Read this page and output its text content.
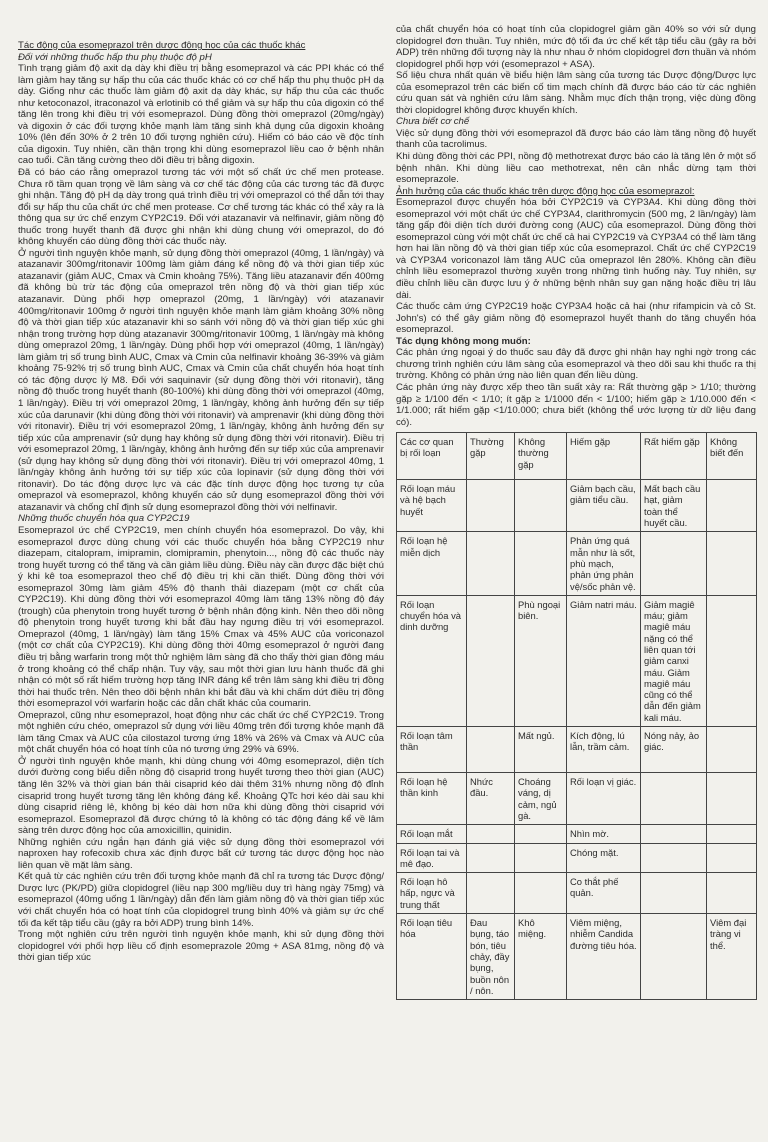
Tác động của esomeprazol trên dược động học của các thuốc khác

Đối với những thuốc hấp thu phụ thuộc độ pH

Tình trạng giảm độ axit dạ dày khi điều trị bằng esomeprazol và các PPI khác có thể làm giảm hay tăng sự hấp thu của các thuốc khác có cơ chế hấp thu phụ thuộc pH dạ dày. Giống như các thuốc làm giảm độ axit dạ dày khác, sự hấp thu của các thuốc như ketoconazol, itraconazol và erlotinib có thể giảm và sự hấp thu của digoxin có thể tăng lên trong khi điều trị với esomeprazol. Dùng đồng thời omeprazol (20mg/ngày) và digoxin ở các đối tượng khỏe mạnh làm tăng sinh khả dụng của digoxin khoảng 10% (lên đến 30% ở 2 trên 10 đối tượng nghiên cứu). Hiếm có báo cáo về độc tính của digoxin. Tuy nhiên, cần thận trọng khi dùng esomeprazol liều cao ở bệnh nhân cao tuổi. Cần tăng cường theo dõi điều trị bằng digoxin.

Đã có báo cáo rằng omeprazol tương tác với một số chất ức chế men protease. Chưa rõ tầm quan trọng về lâm sàng và cơ chế tác động của các tương tác đã được ghi nhận. Tăng độ pH dạ dày trong quá trình điều trị với omeprazol có thể dẫn tới thay đổi sự hấp thu của chất ức chế men protease. Cơ chế tương tác khác có thể xảy ra là thông qua sự ức chế enzym CYP2C19. Đối với atazanavir và nelfinavir, giảm nồng độ thuốc trong huyết thanh đã được ghi nhận khi dùng chung với omeprazol, do đó không khuyến cáo dùng đồng thời các thuốc này.

Ở người tình nguyện khỏe mạnh, sử dụng đồng thời omeprazol (40mg, 1 lần/ngày) và atazanavir 300mg/ritonavir 100mg làm giảm đáng kể nồng độ và thời gian tiếp xúc atazanavir (giảm AUC, Cmax và Cmin khoảng 75%). Tăng liều atazanavir đến 400mg đã không bù trừ tác động của omeprazol trên nồng độ và thời gian tiếp xúc atazanavir. Dùng phối hợp omeprazol (20mg, 1 lần/ngày) với atazanavir 400mg/ritonavir 100mg ở người tình nguyện khỏe mạnh làm giảm khoảng 30% nồng độ và thời gian tiếp xúc atazanavir khi so sánh với nồng độ và thời gian tiếp xúc ghi nhận trong trường hợp dùng atazanavir 300mg/ritonavir 100mg, 1 lần/ngày mà không dùng omeprazol 20mg, 1 lần/ngày. Dùng phối hợp với omeprazol (40mg, 1 lần/ngày) làm giảm trị số trung bình AUC, Cmax và Cmin của nelfinavir khoảng 36-39% và giảm khoảng 75-92% trị số trung bình AUC, Cmax và Cmin của chất chuyển hóa hoạt tính có tác động dược lý M8. Đối với saquinavir (sử dụng đồng thời với ritonavir), tăng nồng độ thuốc trong huyết thanh (80-100%) khi dùng đồng thời với omeprazol (40mg, 1 lần/ngày). Điều trị với omeprazol 20mg, 1 lần/ngày, không ảnh hưởng đến sự tiếp xúc của darunavir (khi dùng đồng thời với ritonavir) và amprenavir (khi dùng đồng thời với ritonavir). Điều trị với esomeprazol 20mg, 1 lần/ngày, không ảnh hưởng đến sự tiếp xúc của amprenavir (sử dụng hay không sử dụng đồng thời với ritonavir). Điều trị với esomeprazol 20mg, 1 lần/ngày, không ảnh hưởng đến sự tiếp xúc của amprenavir (sử dụng hay không sử dụng đồng thời với ritonavir). Điều trị với omeprazol 40mg, 1 lần/ngày không ảnh hưởng tới sự tiếp xúc của lopinavir (sử dụng đồng thời với ritonavir). Do tác động dược lực và các đặc tính dược động học tương tự của omeprazol và esomeprazol, không khuyến cáo sử dụng esomeprazol đồng thời với atazanavir và chống chỉ định sử dụng esomeprazol đồng thời với nelfinavir.

Những thuốc chuyển hóa qua CYP2C19

Esomeprazol ức chế CYP2C19, men chính chuyển hóa esomeprazol. Do vậy, khi esomeprazol được dùng chung với các thuốc chuyển hóa bằng CYP2C19 như diazepam, citalopram, imipramin, clomipramin, phenytoin..., nồng độ các thuốc này trong huyết tương có thể tăng và cần giảm liều dùng. Điều này cần được đặc biệt chú ý khi kê toa esomeprazol theo chế độ điều trị khi cần thiết. Dùng đồng thời với esomeprazol 30mg làm giảm 45% độ thanh thải diazepam (một cơ chất của CYP2C19). Khi dùng đồng thời với esomeprazol 40mg làm tăng 13% nồng độ đáy (trough) của phenytoin trong huyết tương ở bệnh nhân động kinh. Nên theo dõi nồng độ phenytoin trong huyết tương khi bắt đầu hay ngưng điều trị với esomeprazol. Omeprazol (40mg, 1 lần/ngày) làm tăng 15% Cmax và 45% AUC của voriconazol (một cơ chất của CYP2C19). Khi dùng đồng thời 40mg esomeprazol ở người đang điều trị bằng warfarin trong một thử nghiệm lâm sàng đã cho thấy thời gian đông máu ở trong khoảng có thể chấp nhận. Tuy vậy, sau một thời gian lưu hành thuốc đã ghi nhận có một số rất hiếm trường hợp tăng INR đáng kể trên lâm sàng khi điều trị đồng thời hai thuốc trên. Nên theo dõi bệnh nhân khi bắt đầu và khi chấm dứt điều trị đồng thời esomeprazol với warfarin hoặc các dẫn chất khác của coumarin.

Omeprazol, cũng như esomeprazol, hoạt động như các chất ức chế CYP2C19. Trong một nghiên cứu chéo, omeprazol sử dụng với liều 40mg trên đối tượng khỏe mạnh đã làm tăng Cmax và AUC của cilostazol tương ứng 18% và 26% và Cmax và AUC của một chất chuyển hóa có hoạt tính của nó tương ứng 29% và 69%.

Ở người tình nguyện khỏe mạnh, khi dùng chung với 40mg esomeprazol, diện tích dưới đường cong biểu diễn nồng độ cisaprid trong huyết tương theo thời gian (AUC) tăng lên 32% và thời gian bán thải cisaprid kéo dài thêm 31% nhưng nồng độ đỉnh cisaprid trong huyết tương tăng lên không đáng kể. Khoảng QTc hơi kéo dài sau khi dùng cisaprid riêng lẻ, không bị kéo dài hơn nữa khi dùng đồng thời cisaprid với esomeprazol. Esomeprazol đã được chứng tỏ là không có tác động đáng kể về lâm sàng trên dược động học của amoxicillin, quinidin.

Những nghiên cứu ngắn hạn đánh giá việc sử dụng đồng thời esomeprazol với naproxen hay rofecoxib chưa xác định được bất cứ tương tác dược động học nào liên quan về mặt lâm sàng.

Kết quả từ các nghiên cứu trên đối tượng khỏe mạnh đã chỉ ra tương tác Dược động/ Dược lực (PK/PD) giữa clopidogrel (liều nạp 300 mg/liều duy trì hàng ngày 75mg) và esomeprazol (40mg uống 1 lần/ngày) dẫn đến làm giảm nồng độ và thời gian tiếp xúc với chất chuyển hóa có hoạt tính của clopidogrel trung bình 40% và giảm sự ức chế tối đa kết tập tiểu cầu (gây ra bởi ADP) trung bình 14%.

Trong một nghiên cứu trên người tình nguyện khỏe mạnh, khi sử dụng đồng thời clopidogrel với phối hợp liều cố định esomeprazole 20mg + ASA 81mg, nồng độ và thời gian tiếp xúc

của chất chuyển hóa có hoạt tính của clopidogrel giảm gần 40% so với sử dụng clopidogrel đơn thuần. Tuy nhiên, mức độ tối đa ức chế kết tập tiểu cầu (gây ra bởi ADP) trên những đối tượng này là như nhau ở nhóm clopidogrel đơn thuần và nhóm clopidogrel phối hợp với (esomeprazol + ASA).

Số liệu chưa nhất quán về biểu hiện lâm sàng của tương tác Dược động/Dược lực của esomeprazol trên các biến cố tim mạch chính đã được báo cáo từ các nghiên cứu quan sát và nghiên cứu lâm sàng. Nhằm mục đích thận trọng, việc dùng đồng thời clopidogrel không được khuyến khích.

Chưa biết cơ chế

Việc sử dụng đồng thời với esomeprazol đã được báo cáo làm tăng nồng độ huyết thanh của tacrolimus.

Khi dùng đồng thời các PPI, nồng độ methotrexat được báo cáo là tăng lên ở một số bệnh nhân. Khi dùng liều cao methotrexat, nên cân nhắc dừng tạm thời esomeprazole.

Ảnh hưởng của các thuốc khác trên dược động học của esomeprazol:

Esomeprazol được chuyển hóa bởi CYP2C19 và CYP3A4. Khi dùng đồng thời esomeprazol với một chất ức chế CYP3A4, clarithromycin (500 mg, 2 lần/ngày) làm tăng gấp đôi diện tích dưới đường cong (AUC) của esomeprazol. Dùng đồng thời esomeprazol cùng với một chất ức chế cả hai CYP2C19 và CYP3A4 có thể làm tăng hơn hai lần nồng độ và thời gian tiếp xúc của esomeprazol. Chất ức chế CYP2C19 và CYP3A4 voriconazol làm tăng AUC của omeprazol lên 280%. Không cần điều chỉnh liều esomeprazol thường xuyên trong những tình huống này. Tuy nhiên, sự điều chỉnh liều cần được lưu ý ở những bệnh nhân suy gan nặng hoặc điều trị lâu dài.

Các thuốc cảm ứng CYP2C19 hoặc CYP3A4 hoặc cả hai (như rifampicin và cỏ St. John's) có thể gây giảm nồng độ esomeprazol huyết thanh do tăng chuyển hóa esomeprazol.

Tác dụng không mong muốn:

Các phản ứng ngoại ý do thuốc sau đây đã được ghi nhận hay nghi ngờ trong các chương trình nghiên cứu lâm sàng của esomeprazol và theo dõi sau khi thuốc ra thị trường. Không có phản ứng nào liên quan đến liều dùng.

Các phản ứng này được xếp theo tần suất xảy ra: Rất thường gặp > 1/10; thường gặp ≥ 1/100 đến < 1/10; ít gặp ≥ 1/1000 đến < 1/100; hiếm gặp ≥ 1/10.000 đến < 1/1.000; rất hiếm gặp <1/10.000; chưa biết (không thể ước lượng từ dữ liệu đang có).

Các cơ quan bị rối loạn	Thường gặp	Không thường gặp	Hiếm gặp	Rất hiếm gặp	Không biết đến
Rối loạn máu và hệ bạch huyết			Giảm bạch cầu, giảm tiểu cầu.	Mất bạch cầu hạt, giảm toàn thể huyết cầu.	
Rối loạn hệ miễn dịch			Phản ứng quá mẫn như là sốt, phù mạch, phản ứng phản vệ/sốc phản vệ.		
Rối loạn chuyển hóa và dinh dưỡng		Phù ngoại biên.	Giảm natri máu.	Giảm magiê máu; giảm magiê máu nặng có thể liên quan tới giảm canxi máu. Giảm magiê máu cũng có thể dẫn đến giảm kali máu.	
Rối loạn tâm thần		Mất ngủ.	Kích động, lú lẫn, trầm cảm.	Nóng nảy, ảo giác.	
Rối loạn hệ thần kinh	Nhức đầu.	Choáng váng, dị cảm, ngủ gà.	Rối loạn vị giác.		
Rối loạn mắt			Nhìn mờ.		
Rối loạn tai và mê đạo.			Chóng mặt.		
Rối loạn hô hấp, ngực và trung thất			Co thắt phế quản.		
Rối loạn tiêu hóa	Đau bụng, táo bón, tiêu chảy, đầy bụng, buồn nôn / nôn.	Khô miệng.	Viêm miệng, nhiễm Candida đường tiêu hóa.		Viêm đại tràng vi thể.
